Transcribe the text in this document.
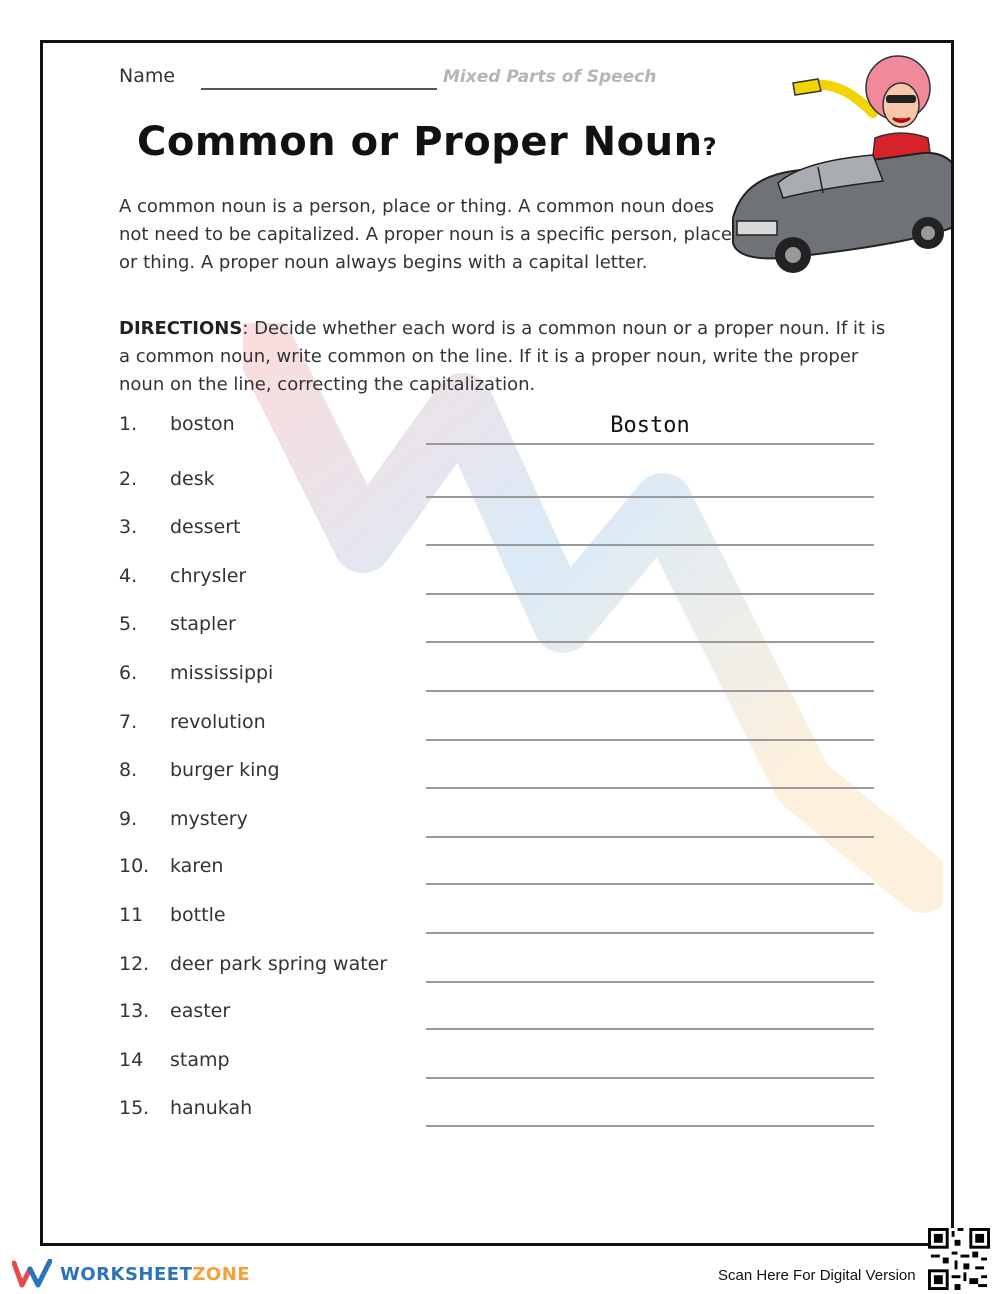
Name	Mixed Parts of Speech
Common or Proper Noun?
A common noun is a person, place or thing. A common noun does not need to be capitalized. A proper noun is a specific person, place or thing. A proper noun always begins with a capital letter.
DIRECTIONS: Decide whether each word is a common noun or a proper noun. If it is a common noun, write common on the line. If it is a proper noun, write the proper noun on the line, correcting the capitalization.
1. boston	Boston
2. desk
3. dessert
4. chrysler
5. stapler
6. mississippi
7. revolution
8. burger king
9. mystery
10. karen
11 bottle
12. deer park spring water
13. easter
14 stamp
15. hanukah
WORKSHEETZONE	Scan Here For Digital Version
